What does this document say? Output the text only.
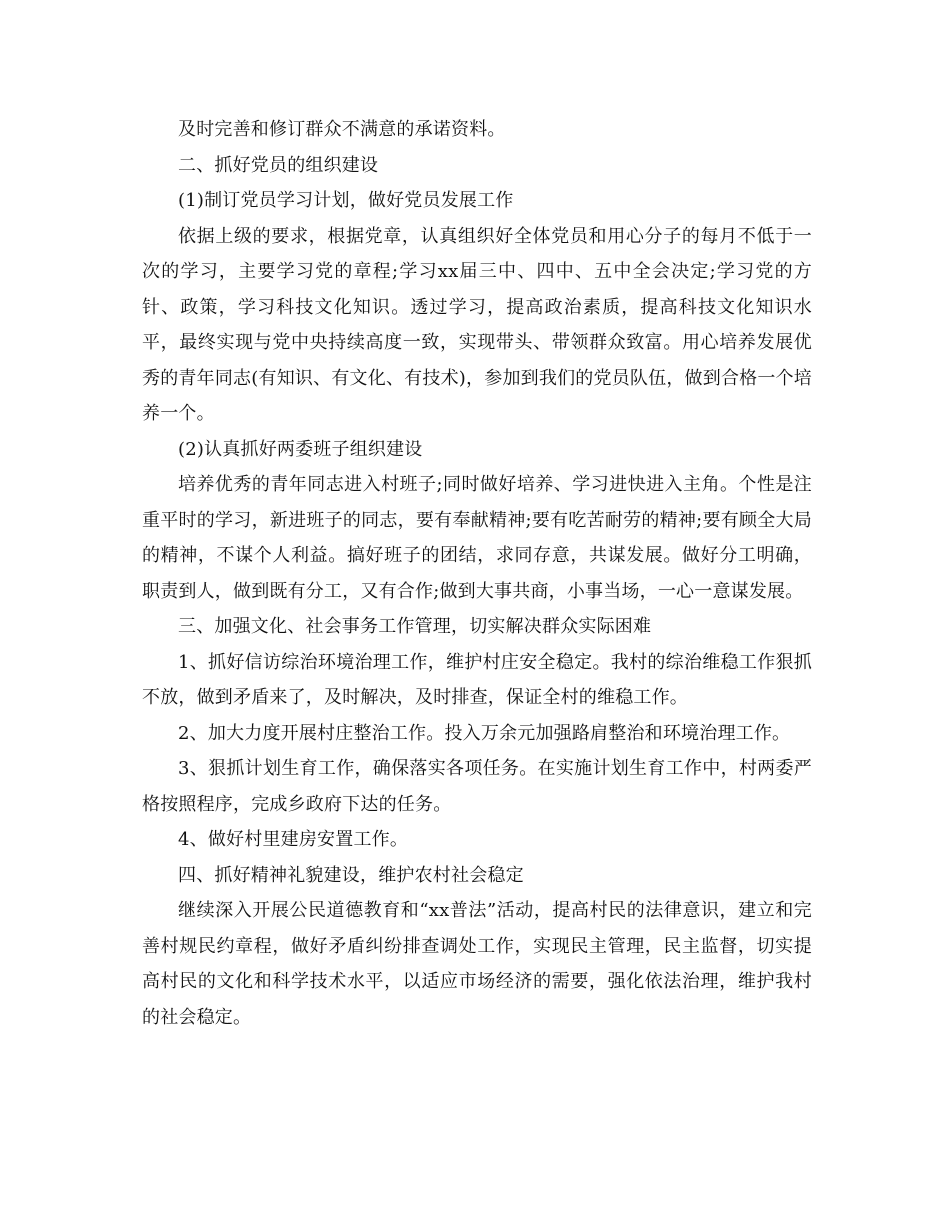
及时完善和修订群众不满意的承诺资料。

二、抓好党员的组织建设

(1)制订党员学习计划，做好党员发展工作

依据上级的要求，根据党章，认真组织好全体党员和用心分子的每月不低于一次的学习，主要学习党的章程;学习xx届三中、四中、五中全会决定;学习党的方针、政策，学习科技文化知识。透过学习，提高政治素质，提高科技文化知识水平，最终实现与党中央持续高度一致，实现带头、带领群众致富。用心培养发展优秀的青年同志(有知识、有文化、有技术)，参加到我们的党员队伍，做到合格一个培养一个。

(2)认真抓好两委班子组织建设

培养优秀的青年同志进入村班子;同时做好培养、学习进快进入主角。个性是注重平时的学习，新进班子的同志，要有奉献精神;要有吃苦耐劳的精神;要有顾全大局的精神，不谋个人利益。搞好班子的团结，求同存意，共谋发展。做好分工明确，职责到人，做到既有分工，又有合作;做到大事共商，小事当场，一心一意谋发展。

三、加强文化、社会事务工作管理，切实解决群众实际困难

1、抓好信访综治环境治理工作，维护村庄安全稳定。我村的综治维稳工作狠抓不放，做到矛盾来了，及时解决，及时排查，保证全村的维稳工作。

2、加大力度开展村庄整治工作。投入万余元加强路肩整治和环境治理工作。

3、狠抓计划生育工作，确保落实各项任务。在实施计划生育工作中，村两委严格按照程序，完成乡政府下达的任务。

4、做好村里建房安置工作。

四、抓好精神礼貌建设，维护农村社会稳定

继续深入开展公民道德教育和“xx普法”活动，提高村民的法律意识，建立和完善村规民约章程，做好矛盾纠纷排查调处工作，实现民主管理，民主监督，切实提高村民的文化和科学技术水平，以适应市场经济的需要，强化依法治理，维护我村的社会稳定。
